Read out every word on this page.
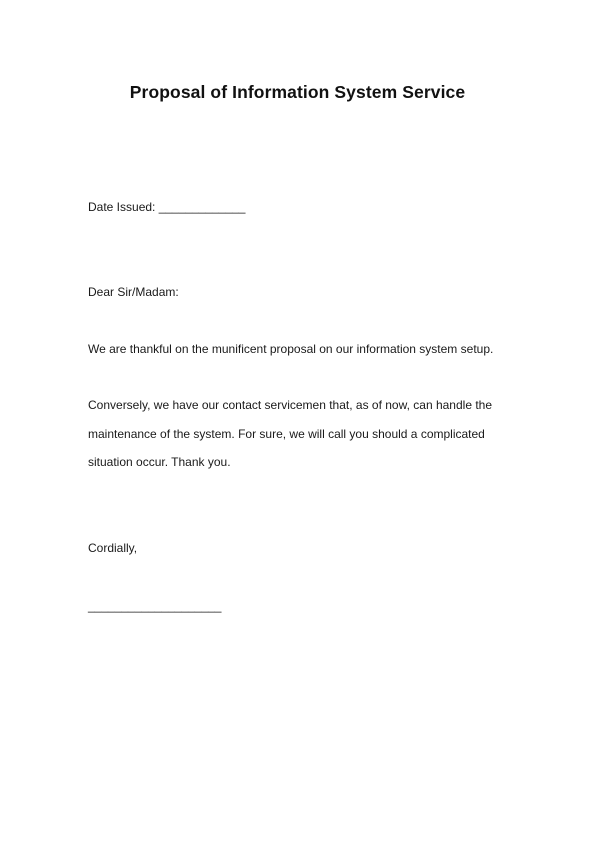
Proposal of Information System Service
Date Issued: _____________
Dear Sir/Madam:
We are thankful on the munificent proposal on our information system setup.
Conversely, we have our contact servicemen that, as of now, can handle the
maintenance of the system. For sure, we will call you should a complicated
situation occur. Thank you.
Cordially,
____________________
